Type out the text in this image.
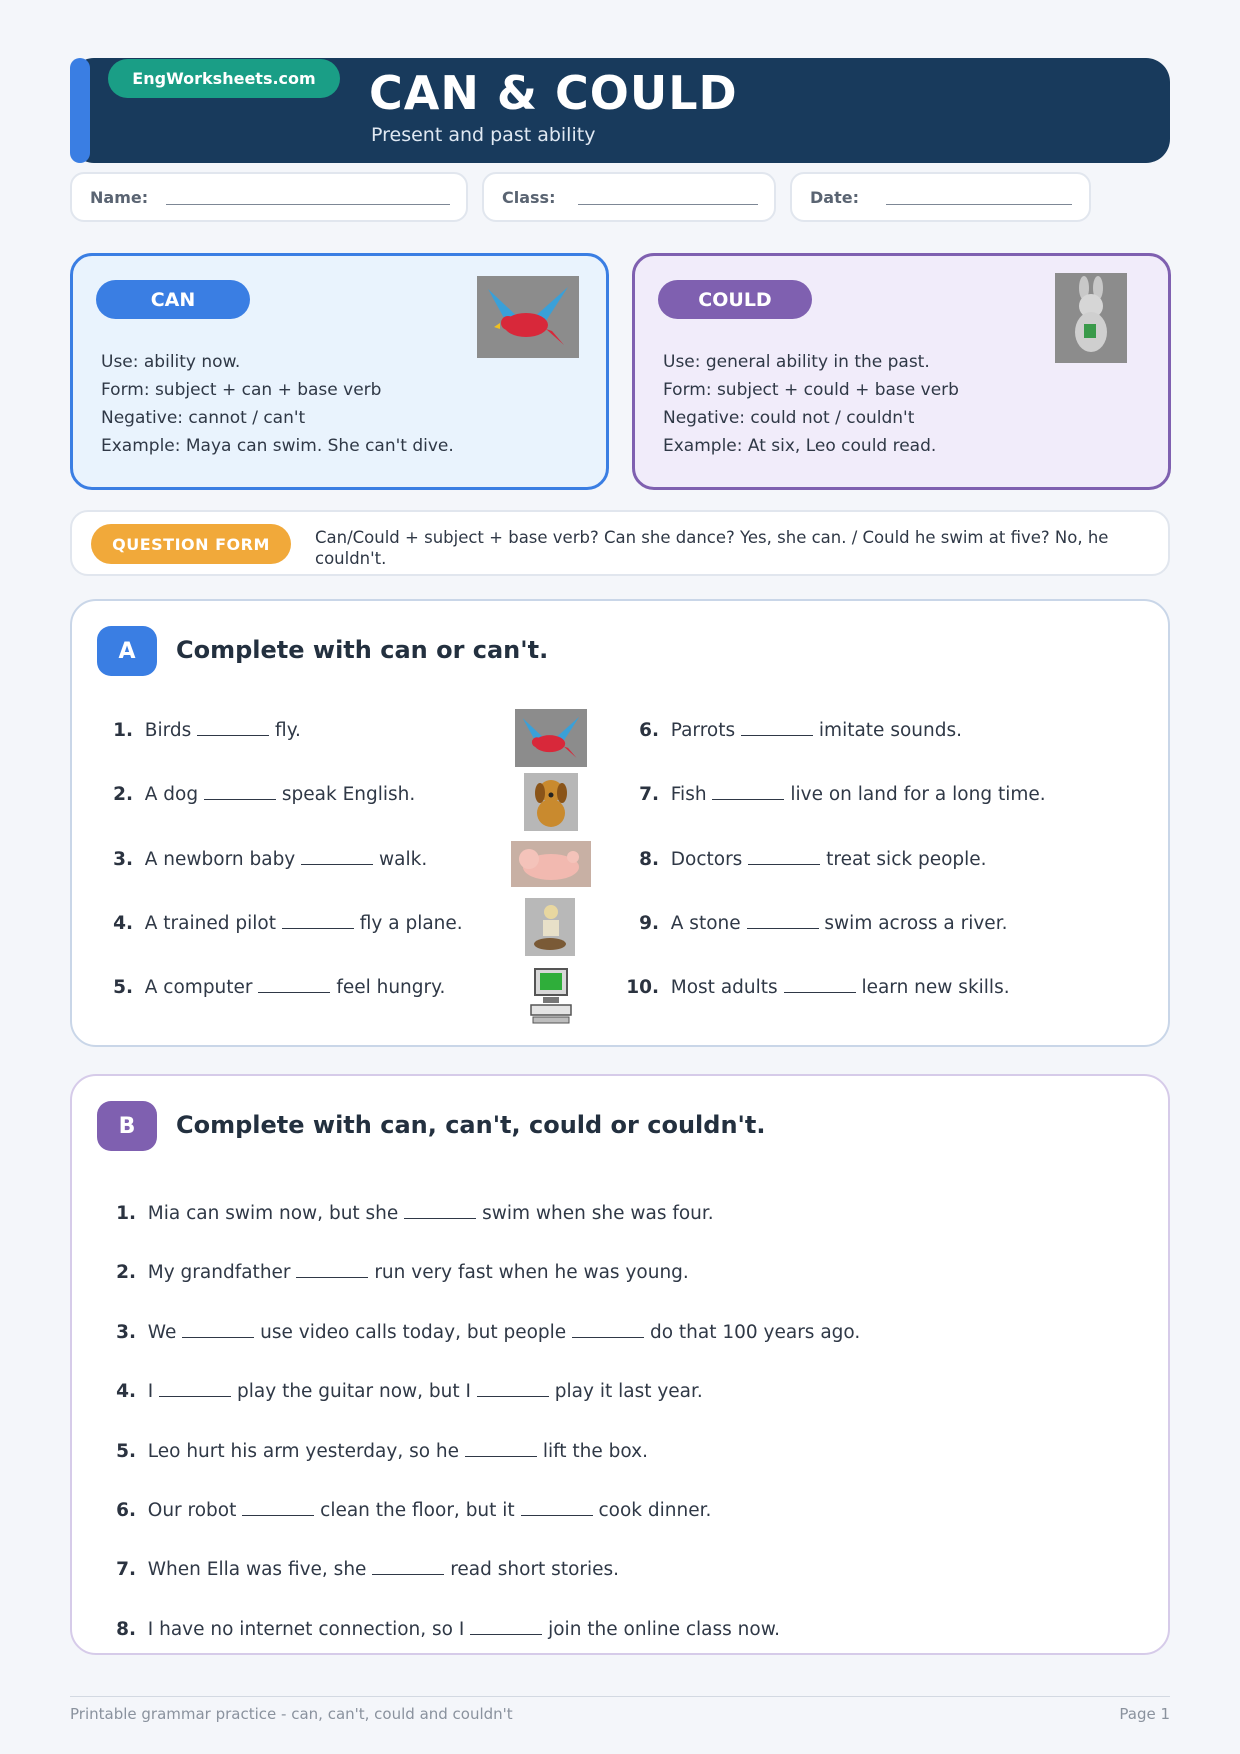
EngWorksheets.com	CAN & COULD
Present and past ability
Name:	Class:	Date:
CAN
Use: ability now.
Form: subject + can + base verb
Negative: cannot / can't
Example: Maya can swim. She can't dive.
COULD
Use: general ability in the past.
Form: subject + could + base verb
Negative: could not / couldn't
Example: At six, Leo could read.
QUESTION FORM	Can/Could + subject + base verb? Can she dance? Yes, she can. / Could he swim at five? No, he couldn't.
A	Complete with can or can't.
1. Birds	fly.
2. A dog	speak English.
3. A newborn baby	walk.
4. A trained pilot	fly a plane.
5. A computer	feel hungry.
6. Parrots	imitate sounds.
7. Fish	live on land for a long time.
8. Doctors	treat sick people.
9. A stone	swim across a river.
10. Most adults	learn new skills.
B	Complete with can, can't, could or couldn't.
1. Mia can swim now, but she	swim when she was four.
2. My grandfather	run very fast when he was young.
3. We	use video calls today, but people	do that 100 years ago.
4. I	play the guitar now, but I	play it last year.
5. Leo hurt his arm yesterday, so he	lift the box.
6. Our robot	clean the floor, but it	cook dinner.
7. When Ella was five, she	read short stories.
8. I have no internet connection, so I	join the online class now.
Printable grammar practice - can, can't, could and couldn't	Page 1
